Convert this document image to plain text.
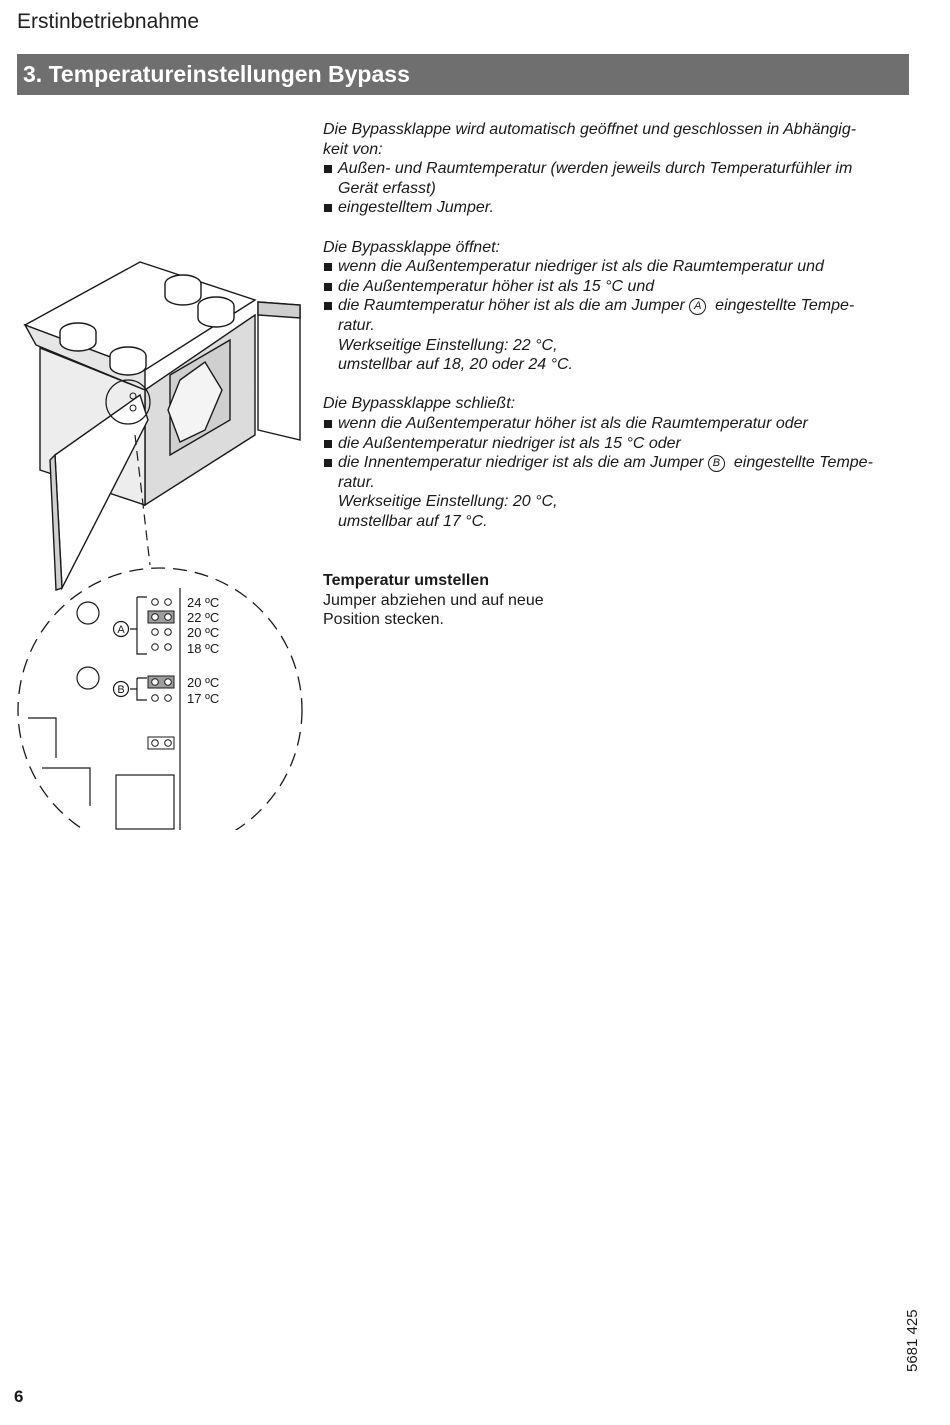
Erstinbetriebnahme
3. Temperatureinstellungen Bypass
Die Bypassklappe wird automatisch geöffnet und geschlossen in Abhängig-
keit von:
Außen- und Raumtemperatur (werden jeweils durch Temperaturfühler im
Gerät erfasst)
eingestelltem Jumper.
Die Bypassklappe öffnet:
wenn die Außentemperatur niedriger ist als die Raumtemperatur und
die Außentemperatur höher ist als 15 °C und
die Raumtemperatur höher ist als die am Jumper A eingestellte Tempe-
ratur.
Werkseitige Einstellung: 22 °C,
umstellbar auf 18, 20 oder 24 °C.
Die Bypassklappe schließt:
wenn die Außentemperatur höher ist als die Raumtemperatur oder
die Außentemperatur niedriger ist als 15 °C oder
die Innentemperatur niedriger ist als die am Jumper B eingestellte Tempe-
ratur.
Werkseitige Einstellung: 20 °C,
umstellbar auf 17 °C.
Temperatur umstellen
Jumper abziehen und auf neue
Position stecken.
A
B
24 ºC
22 ºC
20 ºC
18 ºC
20 ºC
17 ºC
6
5681 425
